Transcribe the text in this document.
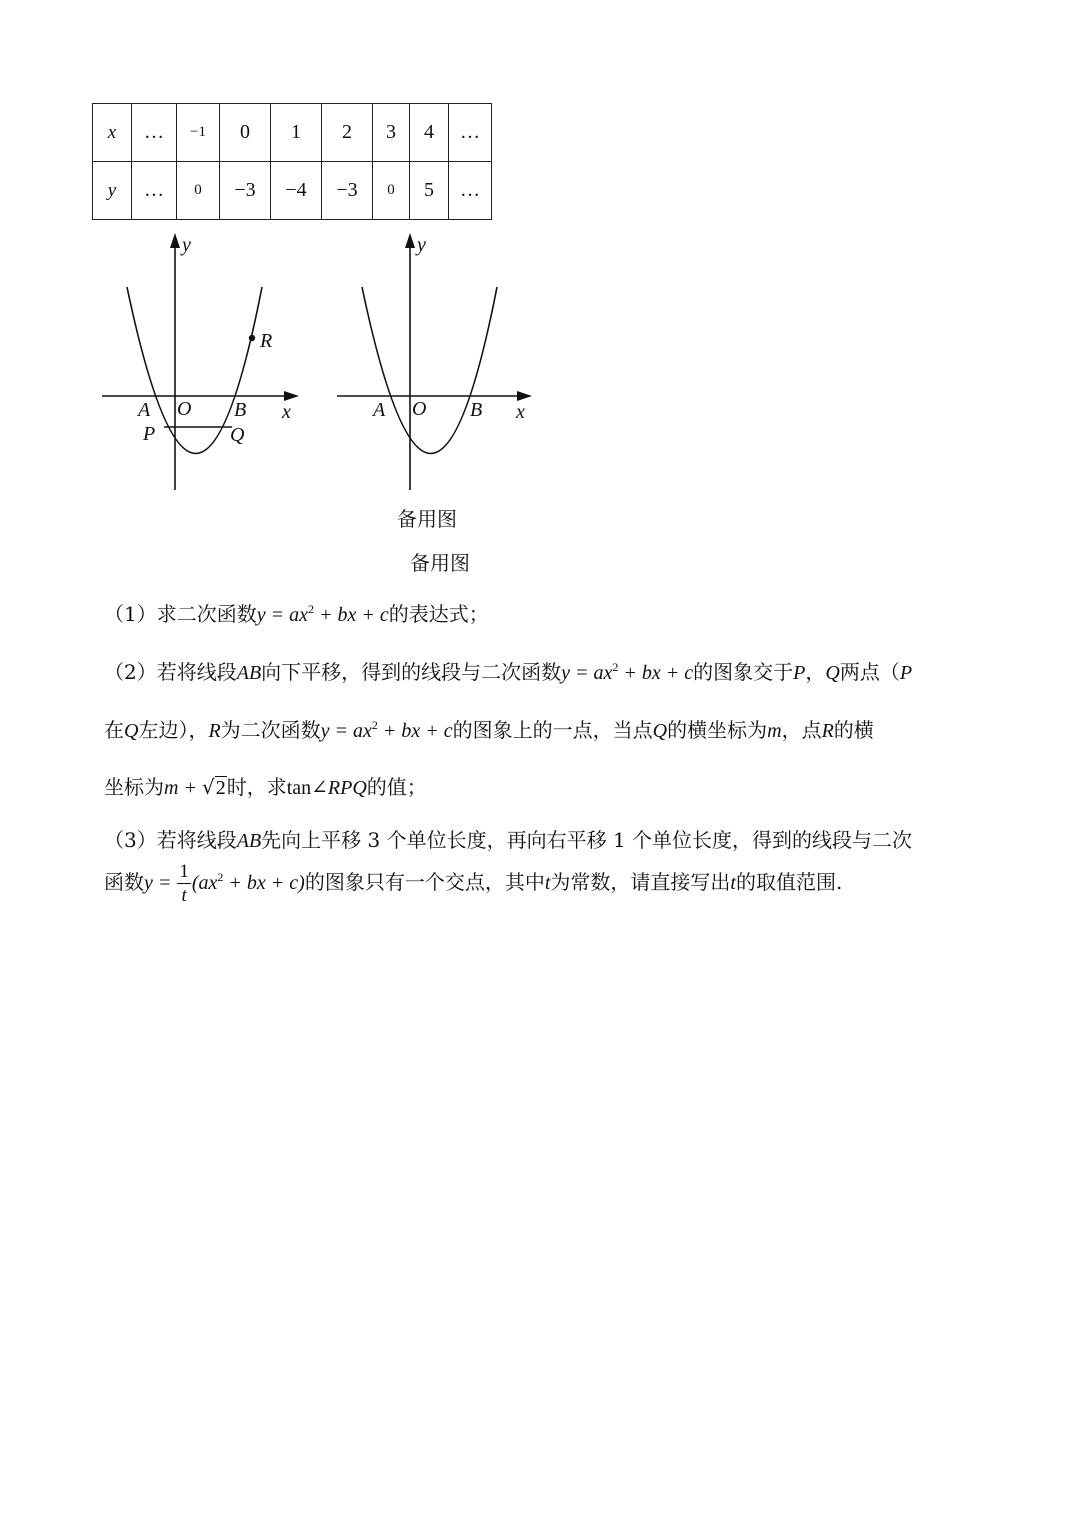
x	…	−1	0	1	2	3	4	…
y	…	0	−3	−4	−3	0	5	…
y
x
A O B
P	Q
R
y
x
A O B
备用图
备用图
（1）求二次函数$y = ax^2$ + bx + c的表达式；
（2）若将线段AB向下平移，得到的线段与二次函数$y = ax^2$ + bx + c的图象交于P，Q两点（P
在Q左边），R为二次函数$y = ax^2$ + bx + c的图象上的一点，当点Q的横坐标为m，点R的横
坐标为m + √2时，求tan∠RPQ的值；
（3）若将线段AB先向上平移 3 个单位长度，再向右平移 1 个单位长度，得到的线段与二次
函数$y = \frac{1}{t} (ax^2$ + bx + c)的图象只有一个交点，其中t为常数，请直接写出t的取值范围.
